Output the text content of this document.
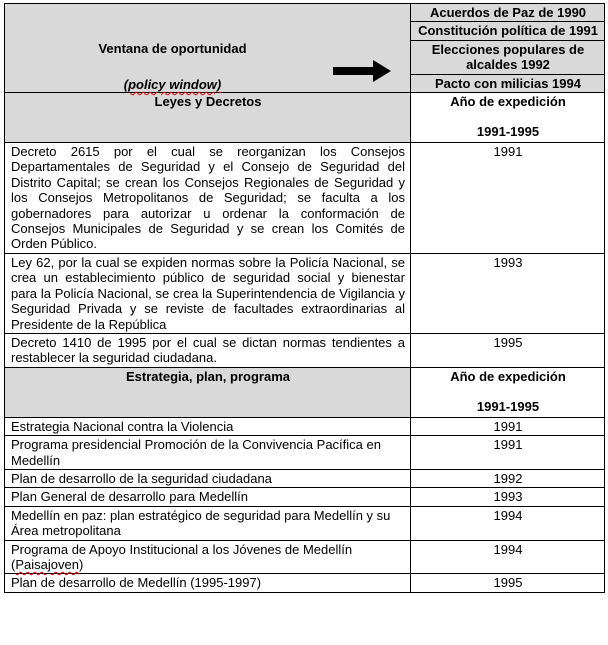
Ventana de oportunidad
(policy window)	Acuerdos de Paz de 1990
	Constitución política de 1991
	Elecciones populares de alcaldes 1992
	Pacto con milicias 1994
Leyes y Decretos	Año de expedición
1991-1995

Decreto 2615 por el cual se reorganizan los Consejos Departamentales de Seguridad y el Consejo de Seguridad del Distrito Capital; se crean los Consejos Regionales de Seguridad y los Consejos Metropolitanos de Seguridad; se faculta a los gobernadores para autorizar u ordenar la conformación de Consejos Municipales de Seguridad y se crean los Comités de Orden Público.	1991
Ley 62, por la cual se expiden normas sobre la Policía Nacional, se crea un establecimiento público de seguridad social y bienestar para la Policía Nacional, se crea la Superintendencia de Vigilancia y Seguridad Privada y se reviste de facultades extraordinarias al Presidente de la República	1993
Decreto 1410 de 1995 por el cual se dictan normas tendientes a restablecer la seguridad ciudadana.	1995
Estrategia, plan, programa	Año de expedición
1991-1995

Estrategia Nacional contra la Violencia	1991
Programa presidencial Promoción de la Convivencia Pacífica en Medellín	1991
Plan de desarrollo de la seguridad ciudadana	1992
Plan General de desarrollo para Medellín	1993
Medellín en paz: plan estratégico de seguridad para Medellín y su Área metropolitana	1994
Programa de Apoyo Institucional a los Jóvenes de Medellín (Paisajoven)	1994
Plan de desarrollo de Medellín (1995-1997)	1995
